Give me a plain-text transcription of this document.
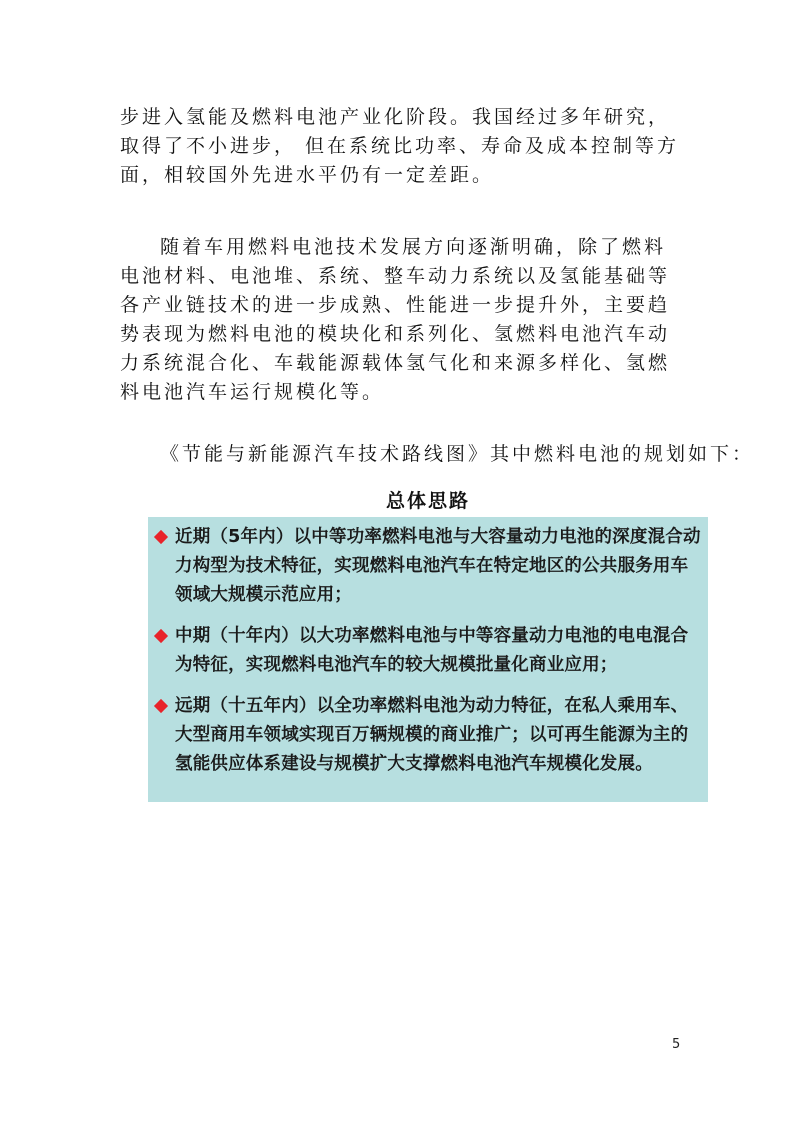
步进入氢能及燃料电池产业化阶段。我国经过多年研究， 取得了不小进步， 但在系统比功率、寿命及成本控制等方面，相较国外先进水平仍有一定差距。

随着车用燃料电池技术发展方向逐渐明确，除了燃料电池材料、电池堆、系统、整车动力系统以及氢能基础等各产业链技术的进一步成熟、性能进一步提升外，主要趋势表现为燃料电池的模块化和系列化、氢燃料电池汽车动力系统混合化、车载能源载体氢气化和来源多样化、氢燃料电池汽车运行规模化等。

《节能与新能源汽车技术路线图》其中燃料电池的规划如下：

总体思路
近期（5年内）以中等功率燃料电池与大容量动力电池的深度混合动力构型为技术特征，实现燃料电池汽车在特定地区的公共服务用车领域大规模示范应用；
中期（十年内）以大功率燃料电池与中等容量动力电池的电电混合为特征，实现燃料电池汽车的较大规模批量化商业应用；
远期（十五年内）以全功率燃料电池为动力特征，在私人乘用车、大型商用车领域实现百万辆规模的商业推广；以可再生能源为主的氢能供应体系建设与规模扩大支撑燃料电池汽车规模化发展。
5
